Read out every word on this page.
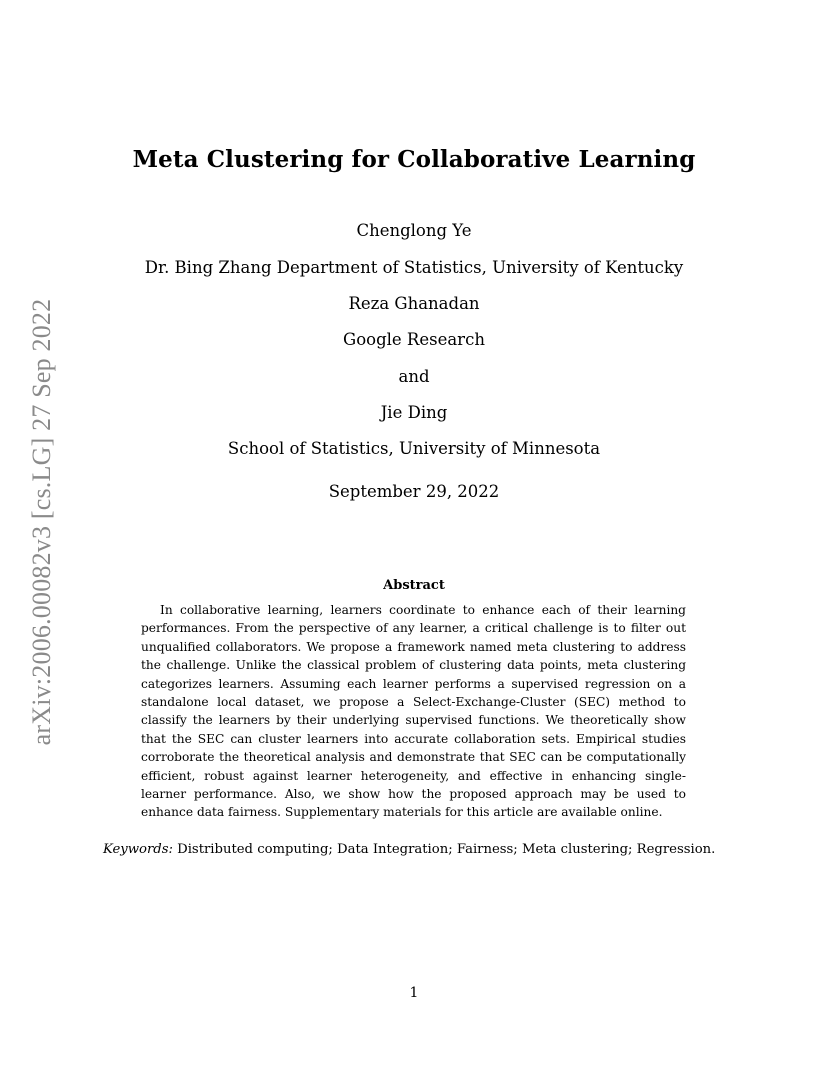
arXiv:2006.00082v3 [cs.LG] 27 Sep 2022
Meta Clustering for Collaborative Learning
Chenglong Ye
Dr. Bing Zhang Department of Statistics, University of Kentucky
Reza Ghanadan
Google Research
and
Jie Ding
School of Statistics, University of Minnesota
September 29, 2022
Abstract

In collaborative learning, learners coordinate to enhance each of their learning performances. From the perspective of any learner, a critical challenge is to filter out unqualified collaborators. We propose a framework named meta clustering to address the challenge. Unlike the classical problem of clustering data points, meta clustering categorizes learners. Assuming each learner performs a supervised regression on a standalone local dataset, we propose a Select-Exchange-Cluster (SEC) method to classify the learners by their underlying supervised functions. We theoretically show that the SEC can cluster learners into accurate collaboration sets. Empirical studies corroborate the theoretical analysis and demonstrate that SEC can be computationally efficient, robust against learner heterogeneity, and effective in enhancing single-learner performance. Also, we show how the proposed approach may be used to enhance data fairness. Supplementary materials for this article are available online.

Keywords: Distributed computing; Data Integration; Fairness; Meta clustering; Regression.
1
